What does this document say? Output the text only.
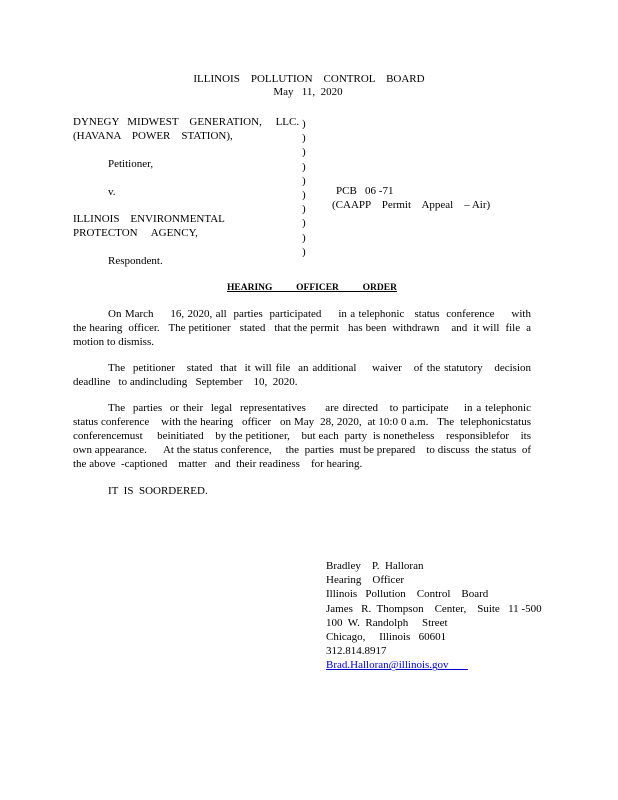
ILLINOIS    POLLUTION    CONTROL    BOARD
May   11,  2020
DYNEGY   MIDWEST    GENERATION,     LLC.
(HAVANA    POWER    STATION),
Petitioner,
v.
ILLINOIS    ENVIRONMENTAL
PROTECTON     AGENCY,
Respondent.
)
)
)
)
)
)
)
)
)
)
PCB   06 -71
(CAAPP    Permit    Appeal    – Air)
HEARING          OFFICER          ORDER
On March     16, 2020, all  parties  participated     in a telephonic   status  conference     with  the hearing  officer.   The petitioner   stated   that the permit   has been  withdrawn    and  it will  file  a motion to dismiss.
The  petitioner   stated  that  it will file  an additional    waiver   of the statutory   decision deadline   to andincluding   September    10,  2020.
The  parties  or their  legal  representatives     are directed   to participate    in a telephonic   status conference    with the hearing   officer   on May  28, 2020,  at 10:0 0 a.m.   The  telephonicstatus conferencemust     beinitiated    by the petitioner,    but each  party  is nonetheless    responsiblefor    its own appearance.      At the status conference,     the  parties  must be prepared    to discuss  the status  of the above  -captioned    matter   and  their readiness    for hearing.
IT  IS  SOORDERED.
Bradley    P.  Halloran
Hearing    Officer
Illinois   Pollution    Control    Board
James   R.  Thompson    Center,    Suite   11 -500
100  W.  Randolph     Street
Chicago,     Illinois   60601
312.814.8917
Brad.Halloran@illinois.gov
